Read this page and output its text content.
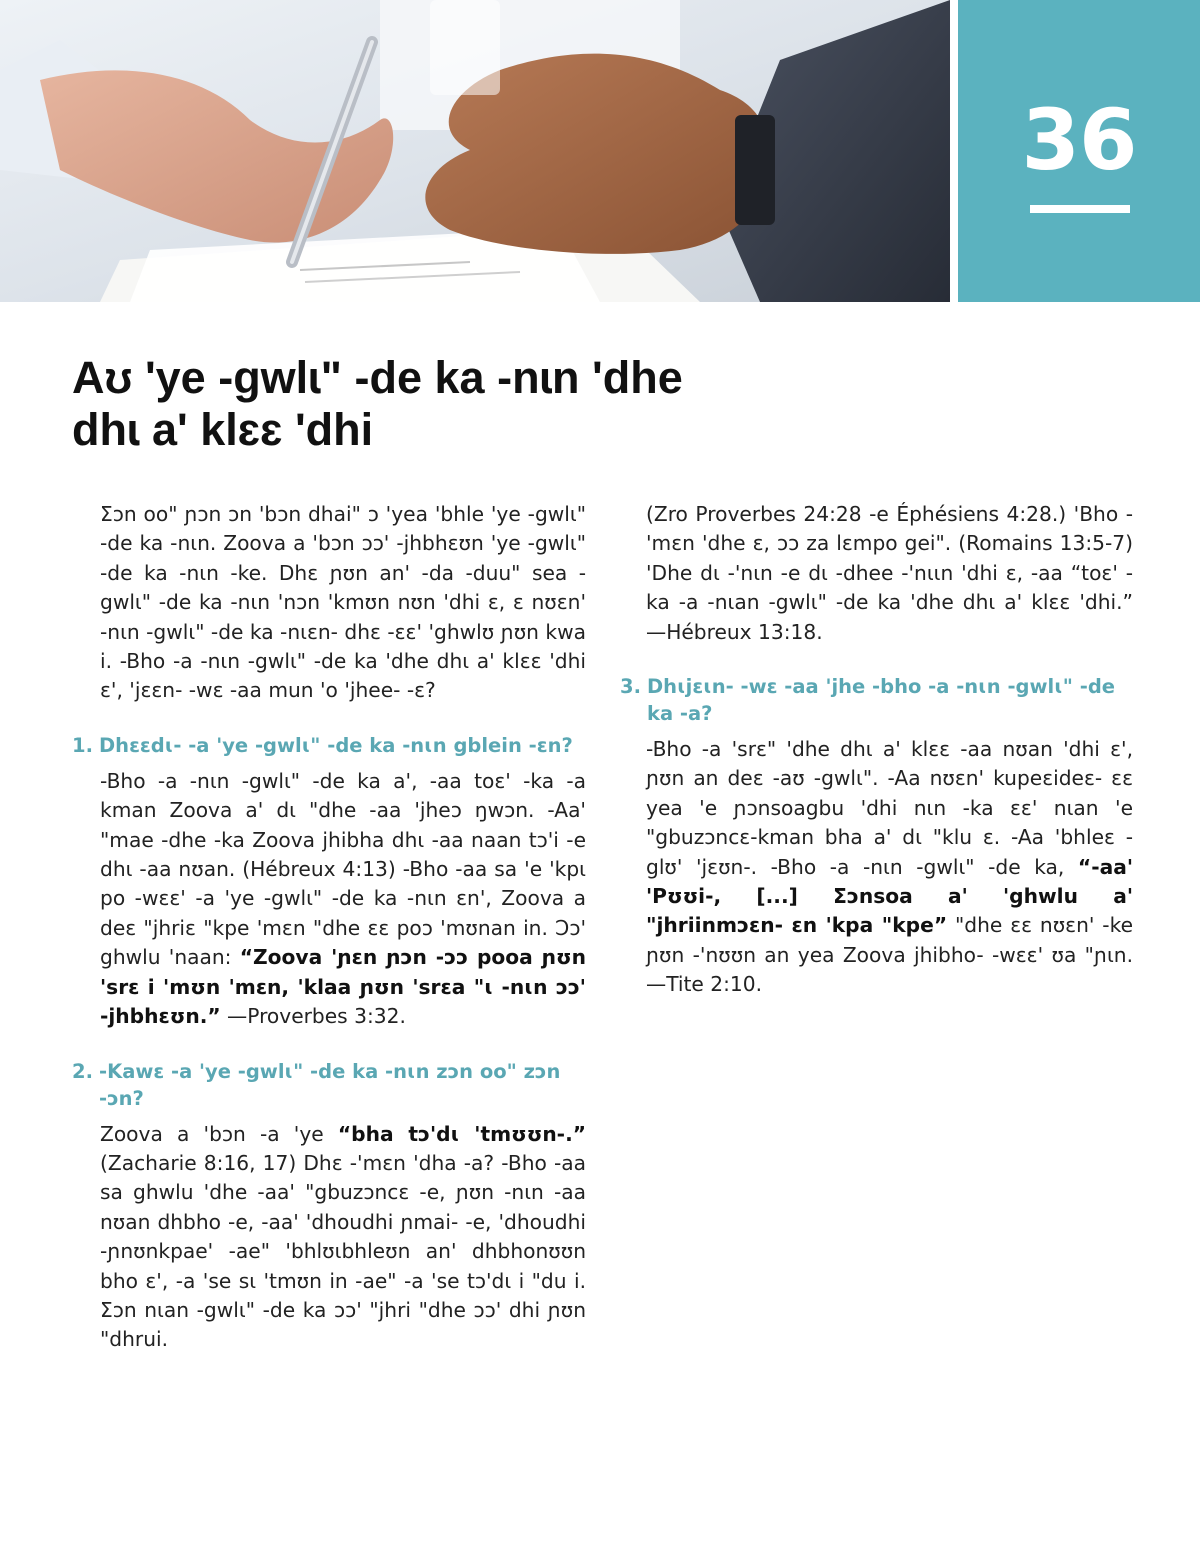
36
Aʊ 'ye -gwlɩ" -de ka -nɩn 'dhe
dhɩ a' klɛɛ 'dhi

Ʃɔn oo" ɲɔn ɔn 'bɔn dhai" ɔ 'yea 'bhle 'ye -gwlɩ" -de ka -nɩn. Zoova a 'bɔn ɔɔ' -jhbhɛʊn 'ye -gwlɩ" -de ka -nɩn -ke. Dhɛ ɲʊn an' -da -duu" sea -gwlɩ" -de ka -nɩn 'nɔn 'kmʊn nʊn 'dhi ɛ, ɛ nʊɛn' -nɩn -gwlɩ" -de ka -nɩɛn- dhɛ -ɛɛ' 'ghwlʊ ɲʊn kwa i. -Bho -a -nɩn -gwlɩ" -de ka 'dhe dhɩ a' klɛɛ 'dhi ɛ', 'jɛɛn- -wɛ -aa mun 'o 'jhee- -ɛ?

1. Dhɛɛdɩ- -a 'ye -gwlɩ" -de ka -nɩn gblein -ɛn?

-Bho -a -nɩn -gwlɩ" -de ka a', -aa toɛ' -ka -a kman Zoova a' dɩ "dhe -aa 'jheɔ ŋwɔn. -Aa' "mae -dhe -ka Zoova jhibha dhɩ -aa naan tɔ'i -e dhɩ -aa nʊan. (Hébreux 4:13) -Bho -aa sa 'e 'kpɩ po -wɛɛ' -a 'ye -gwlɩ" -de ka -nɩn ɛn', Zoova a deɛ "jhriɛ "kpe 'mɛn "dhe ɛɛ poɔ 'mʊnan in. Ɔɔ' ghwlu 'naan: “Zoova 'ɲɛn ɲɔn -ɔɔ pooa ɲʊn 'srɛ i 'mʊn 'mɛn, 'klaa ɲʊn 'srɛa "ɩ -nɩn ɔɔ' -jhbhɛʊn.” —Proverbes 3:32.

2. -Kawɛ -a 'ye -gwlɩ" -de ka -nɩn zɔn oo" zɔn -ɔn?

Zoova a 'bɔn -a 'ye “bha tɔ'dɩ 'tmʊʊn-.” (Zacharie 8:16, 17) Dhɛ -'mɛn 'dha -a? -Bho -aa sa ghwlu 'dhe -aa' "gbuzɔncɛ -e, ɲʊn -nɩn -aa nʊan dhbho -e, -aa' 'dhoudhi ɲmai- -e, 'dhoudhi -ɲnʊnkpae' -ae" 'bhlʊɩbhleʊn an' dhbhonʊʊn bho ɛ', -a 'se sɩ 'tmʊn in -ae" -a 'se tɔ'dɩ i "du i. Ʃɔn nɩan -gwlɩ" -de ka ɔɔ' "jhri "dhe ɔɔ' dhi ɲʊn "dhrui.

(Zro Proverbes 24:28 -e Éphésiens 4:28.) 'Bho -'mɛn 'dhe ɛ, ɔɔ za lɛmpo gei". (Romains 13:5-7) 'Dhe dɩ -'nɩn -e dɩ -dhee -'nɩɩn 'dhi ɛ, -aa “toɛ' -ka -a -nɩan -gwlɩ" -de ka 'dhe dhɩ a' klɛɛ 'dhi.” —Hébreux 13:18.

3. Dhɩjɛɩn- -wɛ -aa 'jhe -bho -a -nɩn -gwlɩ" -de ka -a?

-Bho -a 'srɛ" 'dhe dhɩ a' klɛɛ -aa nʊan 'dhi ɛ', ɲʊn an deɛ -aʊ -gwlɩ". -Aa nʊɛn' kupeɛideɛ- ɛɛ yea 'e ɲɔnsoagbu 'dhi nɩn -ka ɛɛ' nɩan 'e "gbuzɔncɛ-kman bha a' dɩ "klu ɛ. -Aa 'bhleɛ -glʊ' 'jɛʊn-. -Bho -a -nɩn -gwlɩ" -de ka, “-aa' 'Pʊʊi-, [...] Ʃɔnsoa a' 'ghwlu a' "jhriinmɔɛn- ɛn 'kpa "kpe” "dhe ɛɛ nʊɛn' -ke ɲʊn -'nʊʊn an yea Zoova jhibho- -wɛɛ' ʊa "ɲɩn.—Tite 2:10.
